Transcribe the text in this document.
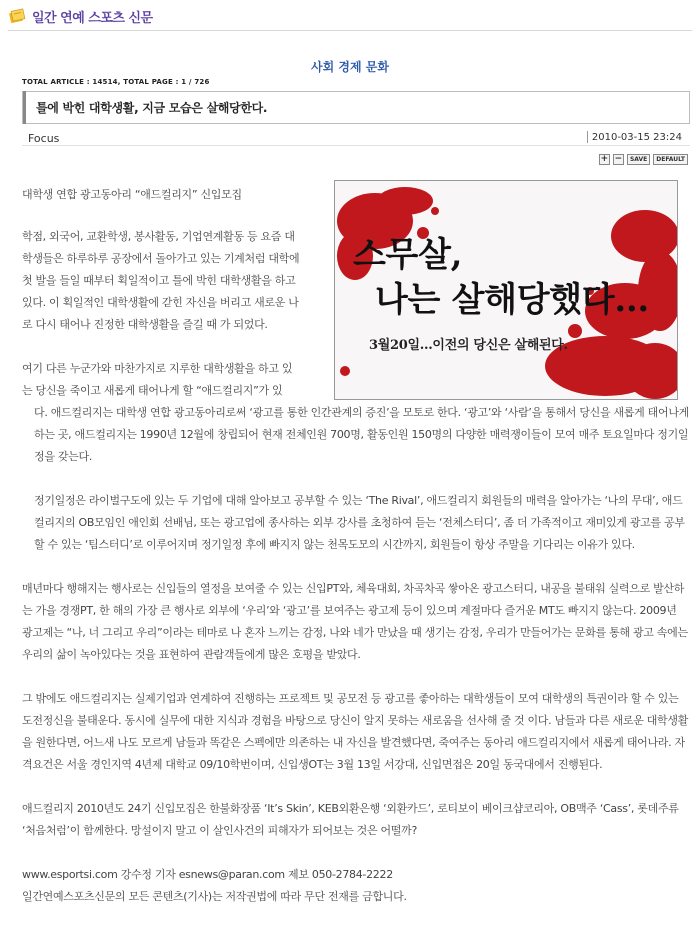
일간 연예 스포츠 신문
사회 경제 문화
TOTAL ARTICLE : 14514, TOTAL PAGE : 1 / 726
틀에 박힌 대학생활, 지금 모습은 살해당한다.
Focus	2010-03-15 23:24
+ −	SAVE	DEFAULT
스무살,
나는 살해당했다...
3월20일...이전의 당신은 살해된다.

대학생 연합 광고동아리 “애드컬리지” 신입모집

학점, 외국어, 교환학생, 봉사활동, 기업연계활동 등 요즘 대학생들은 하루하루 공장에서 돌아가고 있는 기계처럼 대학에 첫 발을 들일 때부터 획일적이고 틀에 박힌 대학생활을 하고 있다. 이 획일적인 대학생활에 갇힌 자신을 버리고 새로운 나로 다시 태어나 진정한 대학생활을 즐길 때 가 되었다.

여기 다른 누군가와 마찬가지로 지루한 대학생활을 하고 있는 당신을 죽이고 새롭게 태어나게 할 “애드컬리지”가 있

다. 애드컬리지는 대학생 연합 광고동아리로써 ‘광고를 통한 인간관계의 증진’을 모토로 한다. ‘광고’와 ‘사람’을 통해서 당신을 새롭게 태어나게 하는 곳, 애드컬리지는 1990년 12월에 창립되어 현재 전체인원 700명, 활동인원 150명의 다양한 매력쟁이들이 모여 매주 토요일마다 정기일정을 갖는다.

정기일정은 라이벌구도에 있는 두 기업에 대해 알아보고 공부할 수 있는 ‘The Rival’, 애드컬리지 회원들의 매력을 알아가는 ‘나의 무대’, 애드컬리지의 OB모임인 애인회 선배님, 또는 광고업에 종사하는 외부 강사를 초청하여 듣는 ‘전체스터디’, 좀 더 가족적이고 재미있게 광고를 공부할 수 있는 ‘팀스터디’로 이루어지며 정기일정 후에 빠지지 않는 천목도모의 시간까지, 회원들이 항상 주말을 기다리는 이유가 있다.

매년마다 행해지는 행사로는 신입들의 열정을 보여줄 수 있는 신입PT와, 체육대회, 차곡차곡 쌓아온 광고스터디, 내공을 불태워 실력으로 발산하는 가을 경쟁PT, 한 해의 가장 큰 행사로 외부에 ‘우리’와 ‘광고’를 보여주는 광고제 등이 있으며 계절마다 즐거운 MT도 빠지지 않는다. 2009년 광고제는 “나, 너 그리고 우리”이라는 테마로 나 혼자 느끼는 감정, 나와 네가 만났을 때 생기는 감정, 우리가 만들어가는 문화를 통해 광고 속에는 우리의 삶이 녹아있다는 것을 표현하여 관람객들에게 많은 호평을 받았다.

그 밖에도 애드컬리지는 실제기업과 연계하여 진행하는 프로젝트 및 공모전 등 광고를 좋아하는 대학생들이 모여 대학생의 특권이라 할 수 있는 도전정신을 불태운다. 동시에 실무에 대한 지식과 경험을 바탕으로 당신이 알지 못하는 새로움을 선사해 줄 것 이다. 남들과 다른 새로운 대학생활을 원한다면, 어느새 나도 모르게 남들과 똑같은 스펙에만 의존하는 내 자신을 발견했다면, 죽여주는 동아리 애드컬리지에서 새롭게 태어나라. 자격요건은 서울 경인지역 4년제 대학교 09/10학번이며, 신입생OT는 3월 13일 서강대, 신입면접은 20일 동국대에서 진행된다.

애드컬리지 2010년도 24기 신입모집은 한불화장품 ‘It’s Skin’, KEB외환은행 ‘외환카드’, 로티보이 베이크샵코리아, OB맥주 ‘Cass’, 롯데주류 ‘처음처럼’이 함께한다. 망설이지 말고 이 살인사건의 피해자가 되어보는 것은 어떨까?

www.esportsi.com 강수정 기자 esnews@paran.com 제보 050-2784-2222

일간연예스포츠신문의 모든 콘텐츠(기사)는 저작권법에 따라 무단 전재를 금합니다.
